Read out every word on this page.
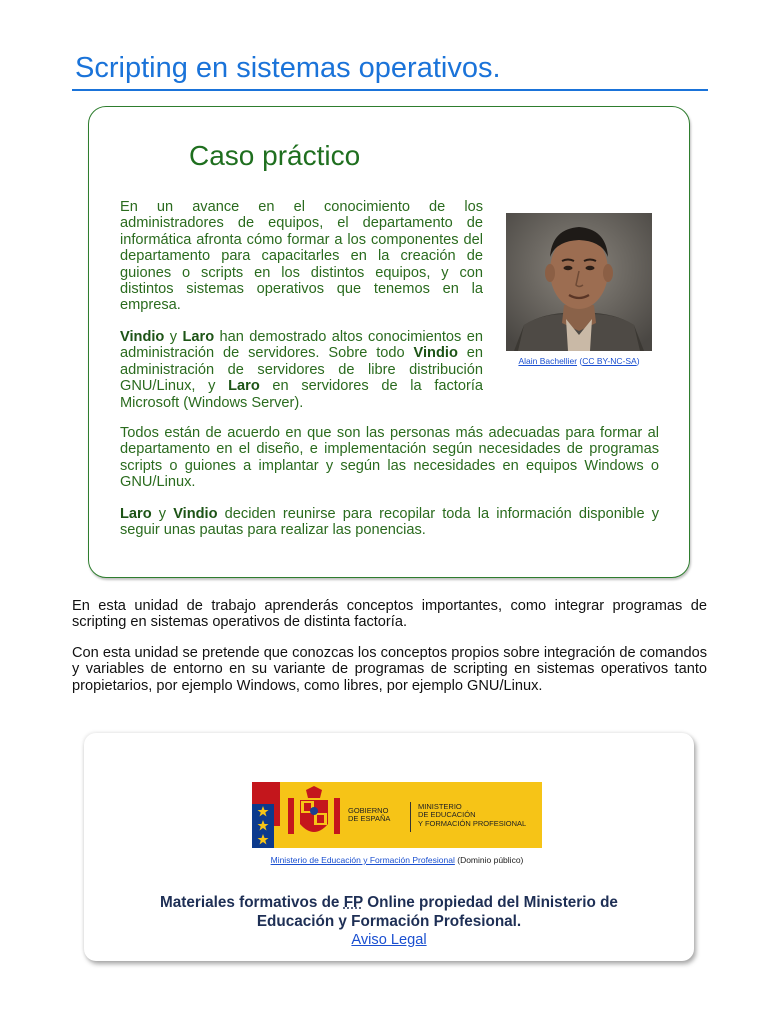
Scripting en sistemas operativos.
Caso práctico

En un avance en el conocimiento de los administradores de equipos, el departamento de informática afronta cómo formar a los componentes del departamento para capacitarles en la creación de guiones o scripts en los distintos equipos, y con distintos sistemas operativos que tenemos en la empresa.

Vindio y Laro han demostrado altos conocimientos en administración de servidores. Sobre todo Vindio en administración de servidores de libre distribución GNU/Linux, y Laro en servidores de la factoría Microsoft (Windows Server).

Todos están de acuerdo en que son las personas más adecuadas para formar al departamento en el diseño, e implementación según necesidades de programas scripts o guiones a implantar y según las necesidades en equipos Windows o GNU/Linux.

Laro y Vindio deciden reunirse para recopilar toda la información disponible y seguir unas pautas para realizar las ponencias.

Alain Bachellier (CC BY-NC-SA)

En esta unidad de trabajo aprenderás conceptos importantes, como integrar programas de scripting en sistemas operativos de distinta factoría.

Con esta unidad se pretende que conozcas los conceptos propios sobre integración de comandos y variables de entorno en su variante de programas de scripting en sistemas operativos tanto propietarios, por ejemplo Windows, como libres, por ejemplo GNU/Linux.

GOBIERNO
DE ESPAÑA
MINISTERIO
DE EDUCACIÓN
Y FORMACIÓN PROFESIONAL
Ministerio de Educación y Formación Profesional (Dominio público)
Materiales formativos de FP Online propiedad del Ministerio de
Educación y Formación Profesional.
Aviso Legal
